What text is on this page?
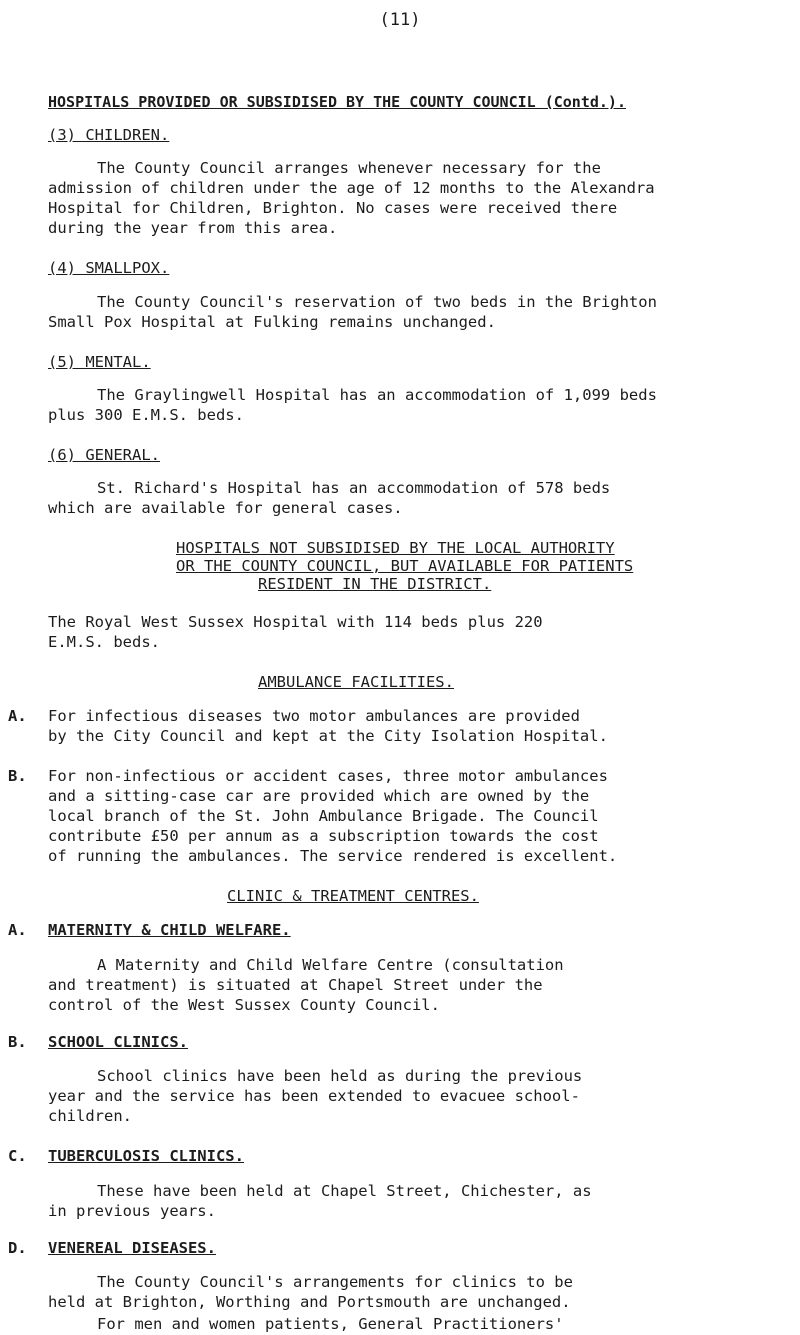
(11)
HOSPITALS PROVIDED OR SUBSIDISED BY THE COUNTY COUNCIL (Contd.).
(3) CHILDREN.
The County Council arranges whenever necessary for the
admission of children under the age of 12 months to the Alexandra
Hospital for Children, Brighton. No cases were received there
during the year from this area.
(4) SMALLPOX.
The County Council's reservation of two beds in the Brighton
Small Pox Hospital at Fulking remains unchanged.
(5) MENTAL.
The Graylingwell Hospital has an accommodation of 1,099 beds
plus 300 E.M.S. beds.
(6) GENERAL.
St. Richard's Hospital has an accommodation of 578 beds
which are available for general cases.
HOSPITALS NOT SUBSIDISED BY THE LOCAL AUTHORITY
OR THE COUNTY COUNCIL, BUT AVAILABLE FOR PATIENTS
RESIDENT IN THE DISTRICT.
The Royal West Sussex Hospital with 114 beds plus 220
E.M.S. beds.
AMBULANCE FACILITIES.
A. For infectious diseases two motor ambulances are provided
by the City Council and kept at the City Isolation Hospital.
B. For non-infectious or accident cases, three motor ambulances
and a sitting-case car are provided which are owned by the
local branch of the St. John Ambulance Brigade. The Council
contribute £50 per annum as a subscription towards the cost
of running the ambulances. The service rendered is excellent.
CLINIC & TREATMENT CENTRES.
A. MATERNITY & CHILD WELFARE.
A Maternity and Child Welfare Centre (consultation
and treatment) is situated at Chapel Street under the
control of the West Sussex County Council.
B. SCHOOL CLINICS.
School clinics have been held as during the previous
year and the service has been extended to evacuee school-
children.
C. TUBERCULOSIS CLINICS.
These have been held at Chapel Street, Chichester, as
in previous years.
D. VENEREAL DISEASES.
The County Council's arrangements for clinics to be
held at Brighton, Worthing and Portsmouth are unchanged.
For men and women patients, General Practitioners'
